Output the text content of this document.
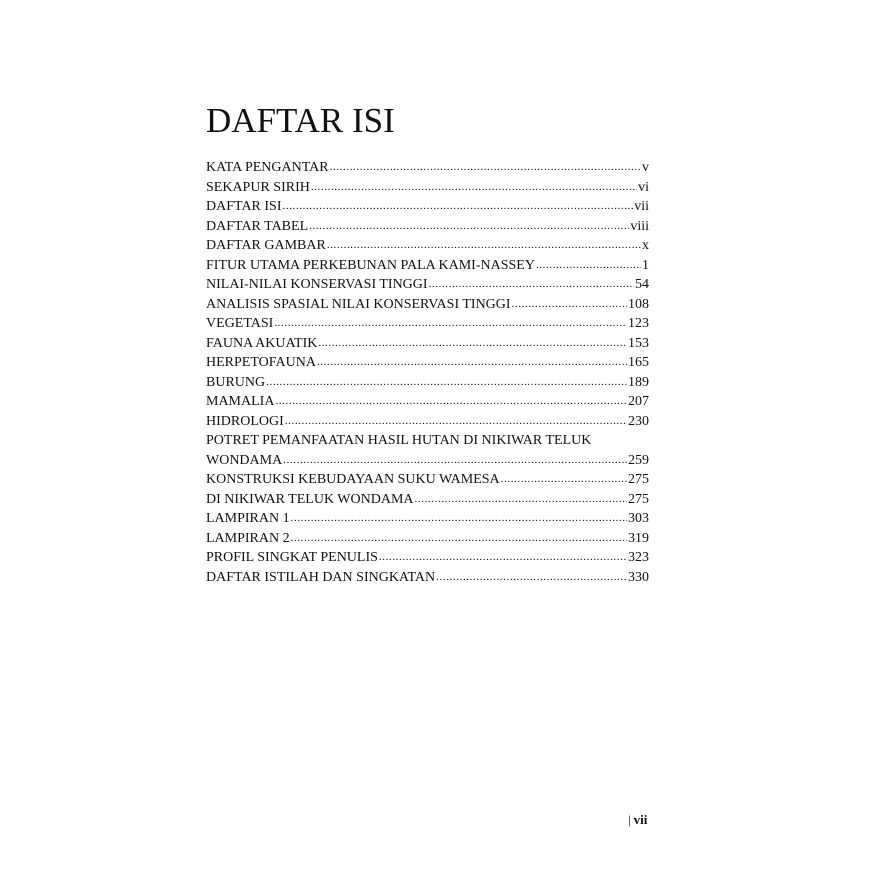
DAFTAR ISI
KATA PENGANTAR .....	v
SEKAPUR SIRIH .....	vi
DAFTAR ISI .....	vii
DAFTAR TABEL .....	viii
DAFTAR GAMBAR .....	x
FITUR UTAMA PERKEBUNAN PALA KAMI-NASSEY .....	1
NILAI-NILAI KONSERVASI TINGGI .....	54
ANALISIS SPASIAL NILAI KONSERVASI TINGGI .....	108
VEGETASI .....	123
FAUNA AKUATIK .....	153
HERPETOFAUNA .....	165
BURUNG .....	189
MAMALIA .....	207
HIDROLOGI .....	230
POTRET PEMANFAATAN HASIL HUTAN DI NIKIWAR TELUK
WONDAMA .....	259
KONSTRUKSI KEBUDAYAAN SUKU WAMESA .....	275
DI NIKIWAR TELUK WONDAMA .....	275
LAMPIRAN 1 .....	303
LAMPIRAN 2 .....	319
PROFIL SINGKAT PENULIS .....	323
DAFTAR ISTILAH DAN SINGKATAN .....	330
| vii
